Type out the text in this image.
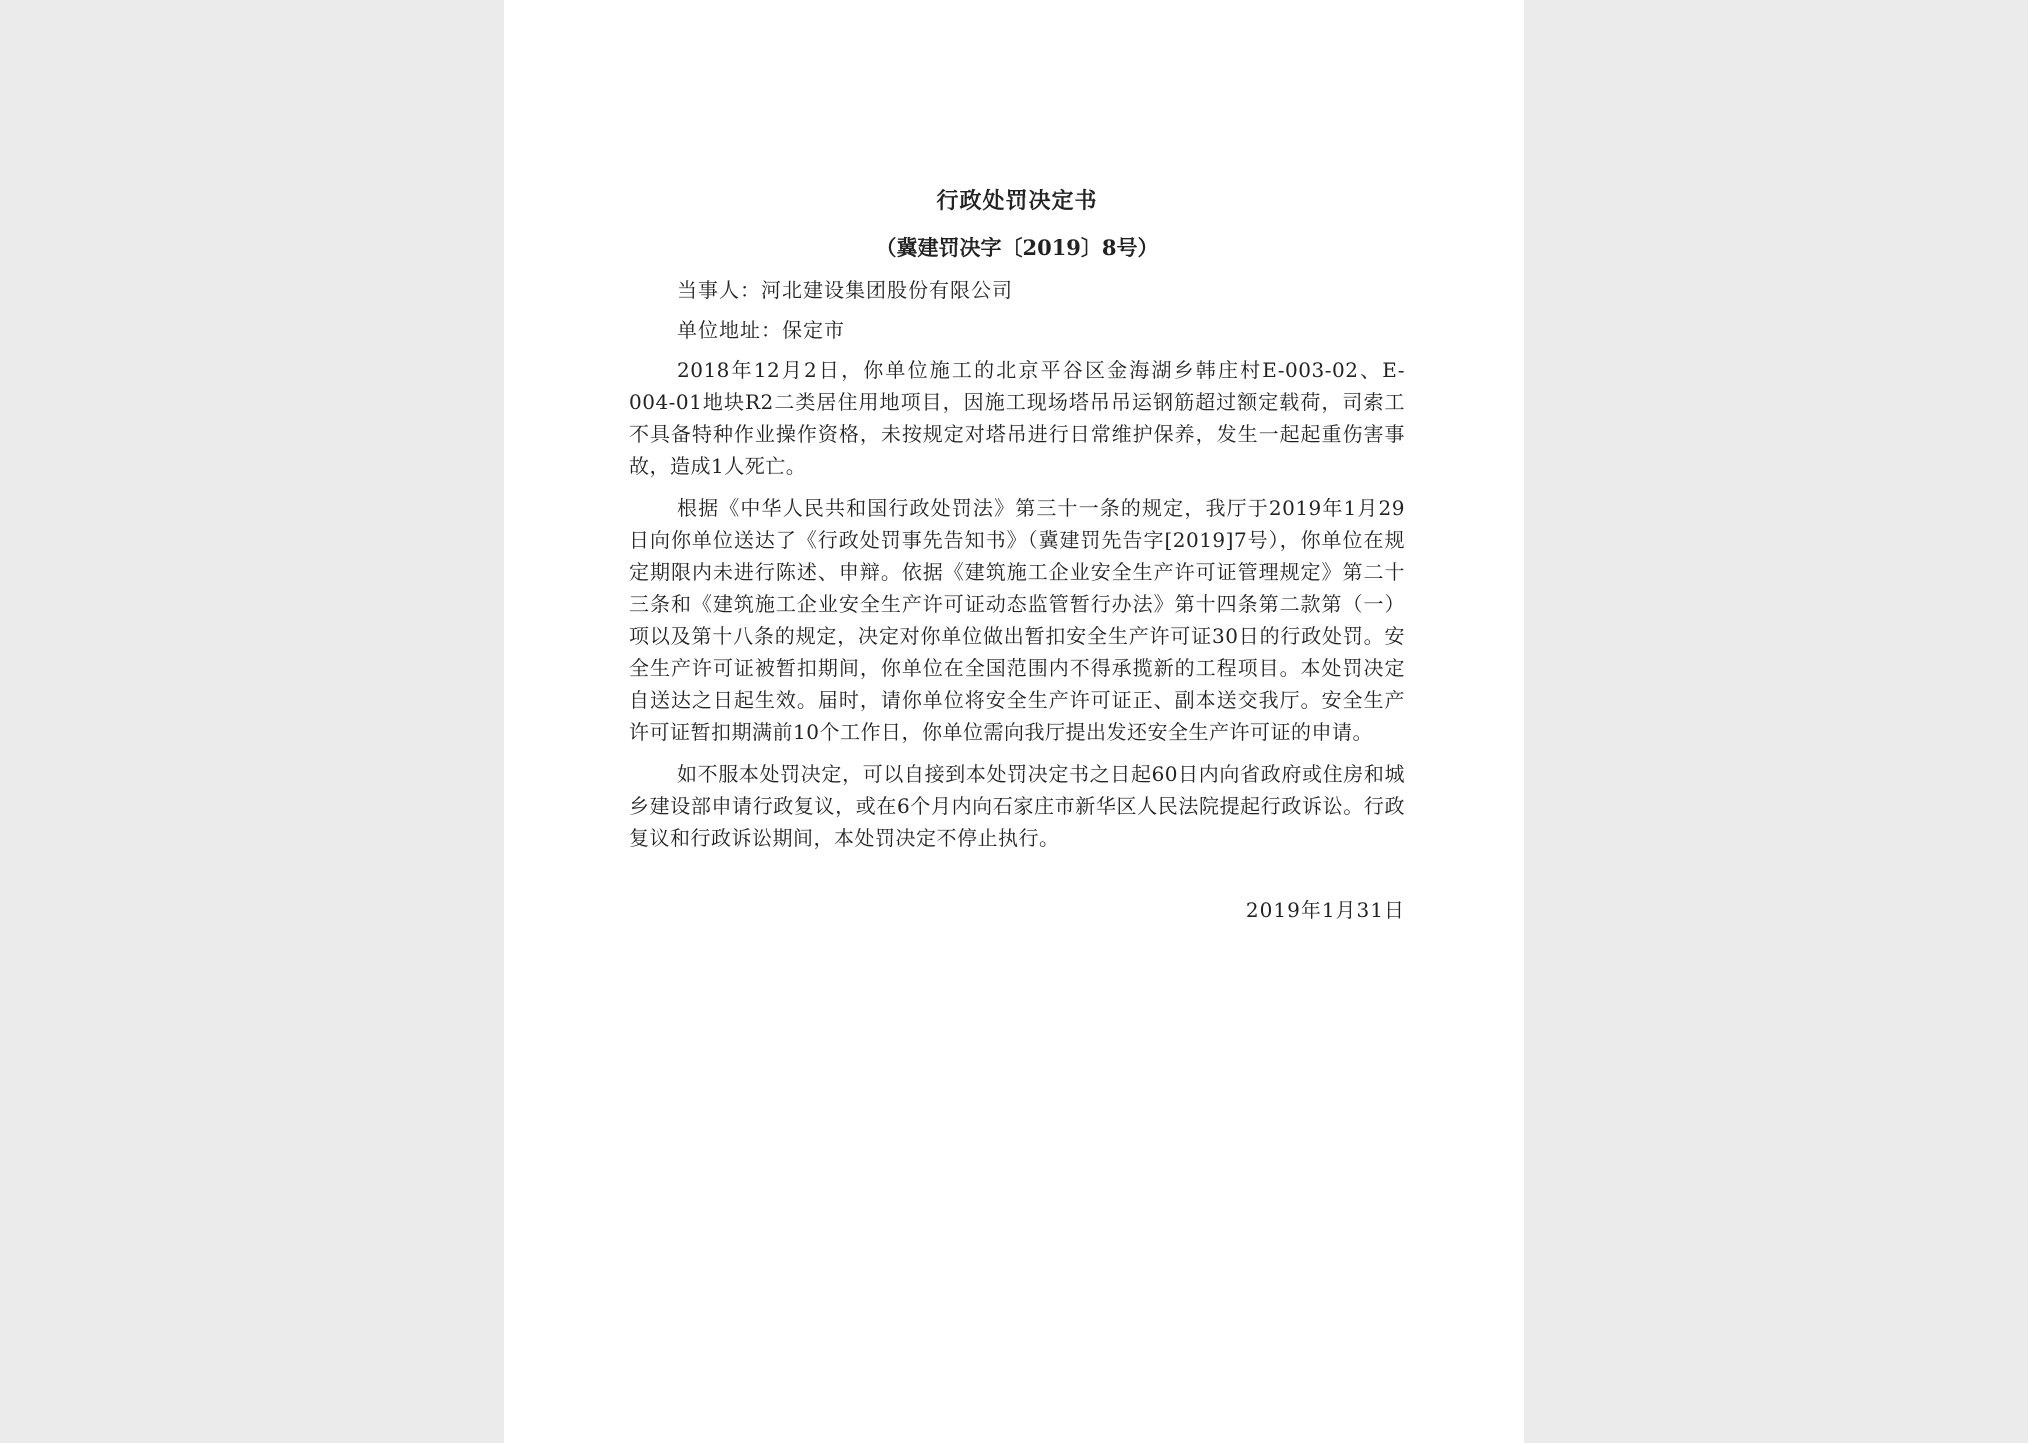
行政处罚决定书
（冀建罚决字〔2019〕8号）

当事人：河北建设集团股份有限公司

单位地址：保定市

2018年12月2日，你单位施工的北京平谷区金海湖乡韩庄村E-003-02、E-004-01地块R2二类居住用地项目，因施工现场塔吊吊运钢筋超过额定载荷，司索工不具备特种作业操作资格，未按规定对塔吊进行日常维护保养，发生一起起重伤害事故，造成1人死亡。

根据《中华人民共和国行政处罚法》第三十一条的规定，我厅于2019年1月29日向你单位送达了《行政处罚事先告知书》（冀建罚先告字[2019]7号），你单位在规定期限内未进行陈述、申辩。依据《建筑施工企业安全生产许可证管理规定》第二十三条和《建筑施工企业安全生产许可证动态监管暂行办法》第十四条第二款第（一）项以及第十八条的规定，决定对你单位做出暂扣安全生产许可证30日的行政处罚。安全生产许可证被暂扣期间，你单位在全国范围内不得承揽新的工程项目。本处罚决定自送达之日起生效。届时，请你单位将安全生产许可证正、副本送交我厅。安全生产许可证暂扣期满前10个工作日，你单位需向我厅提出发还安全生产许可证的申请。

如不服本处罚决定，可以自接到本处罚决定书之日起60日内向省政府或住房和城乡建设部申请行政复议，或在6个月内向石家庄市新华区人民法院提起行政诉讼。行政复议和行政诉讼期间，本处罚决定不停止执行。

2019年1月31日
